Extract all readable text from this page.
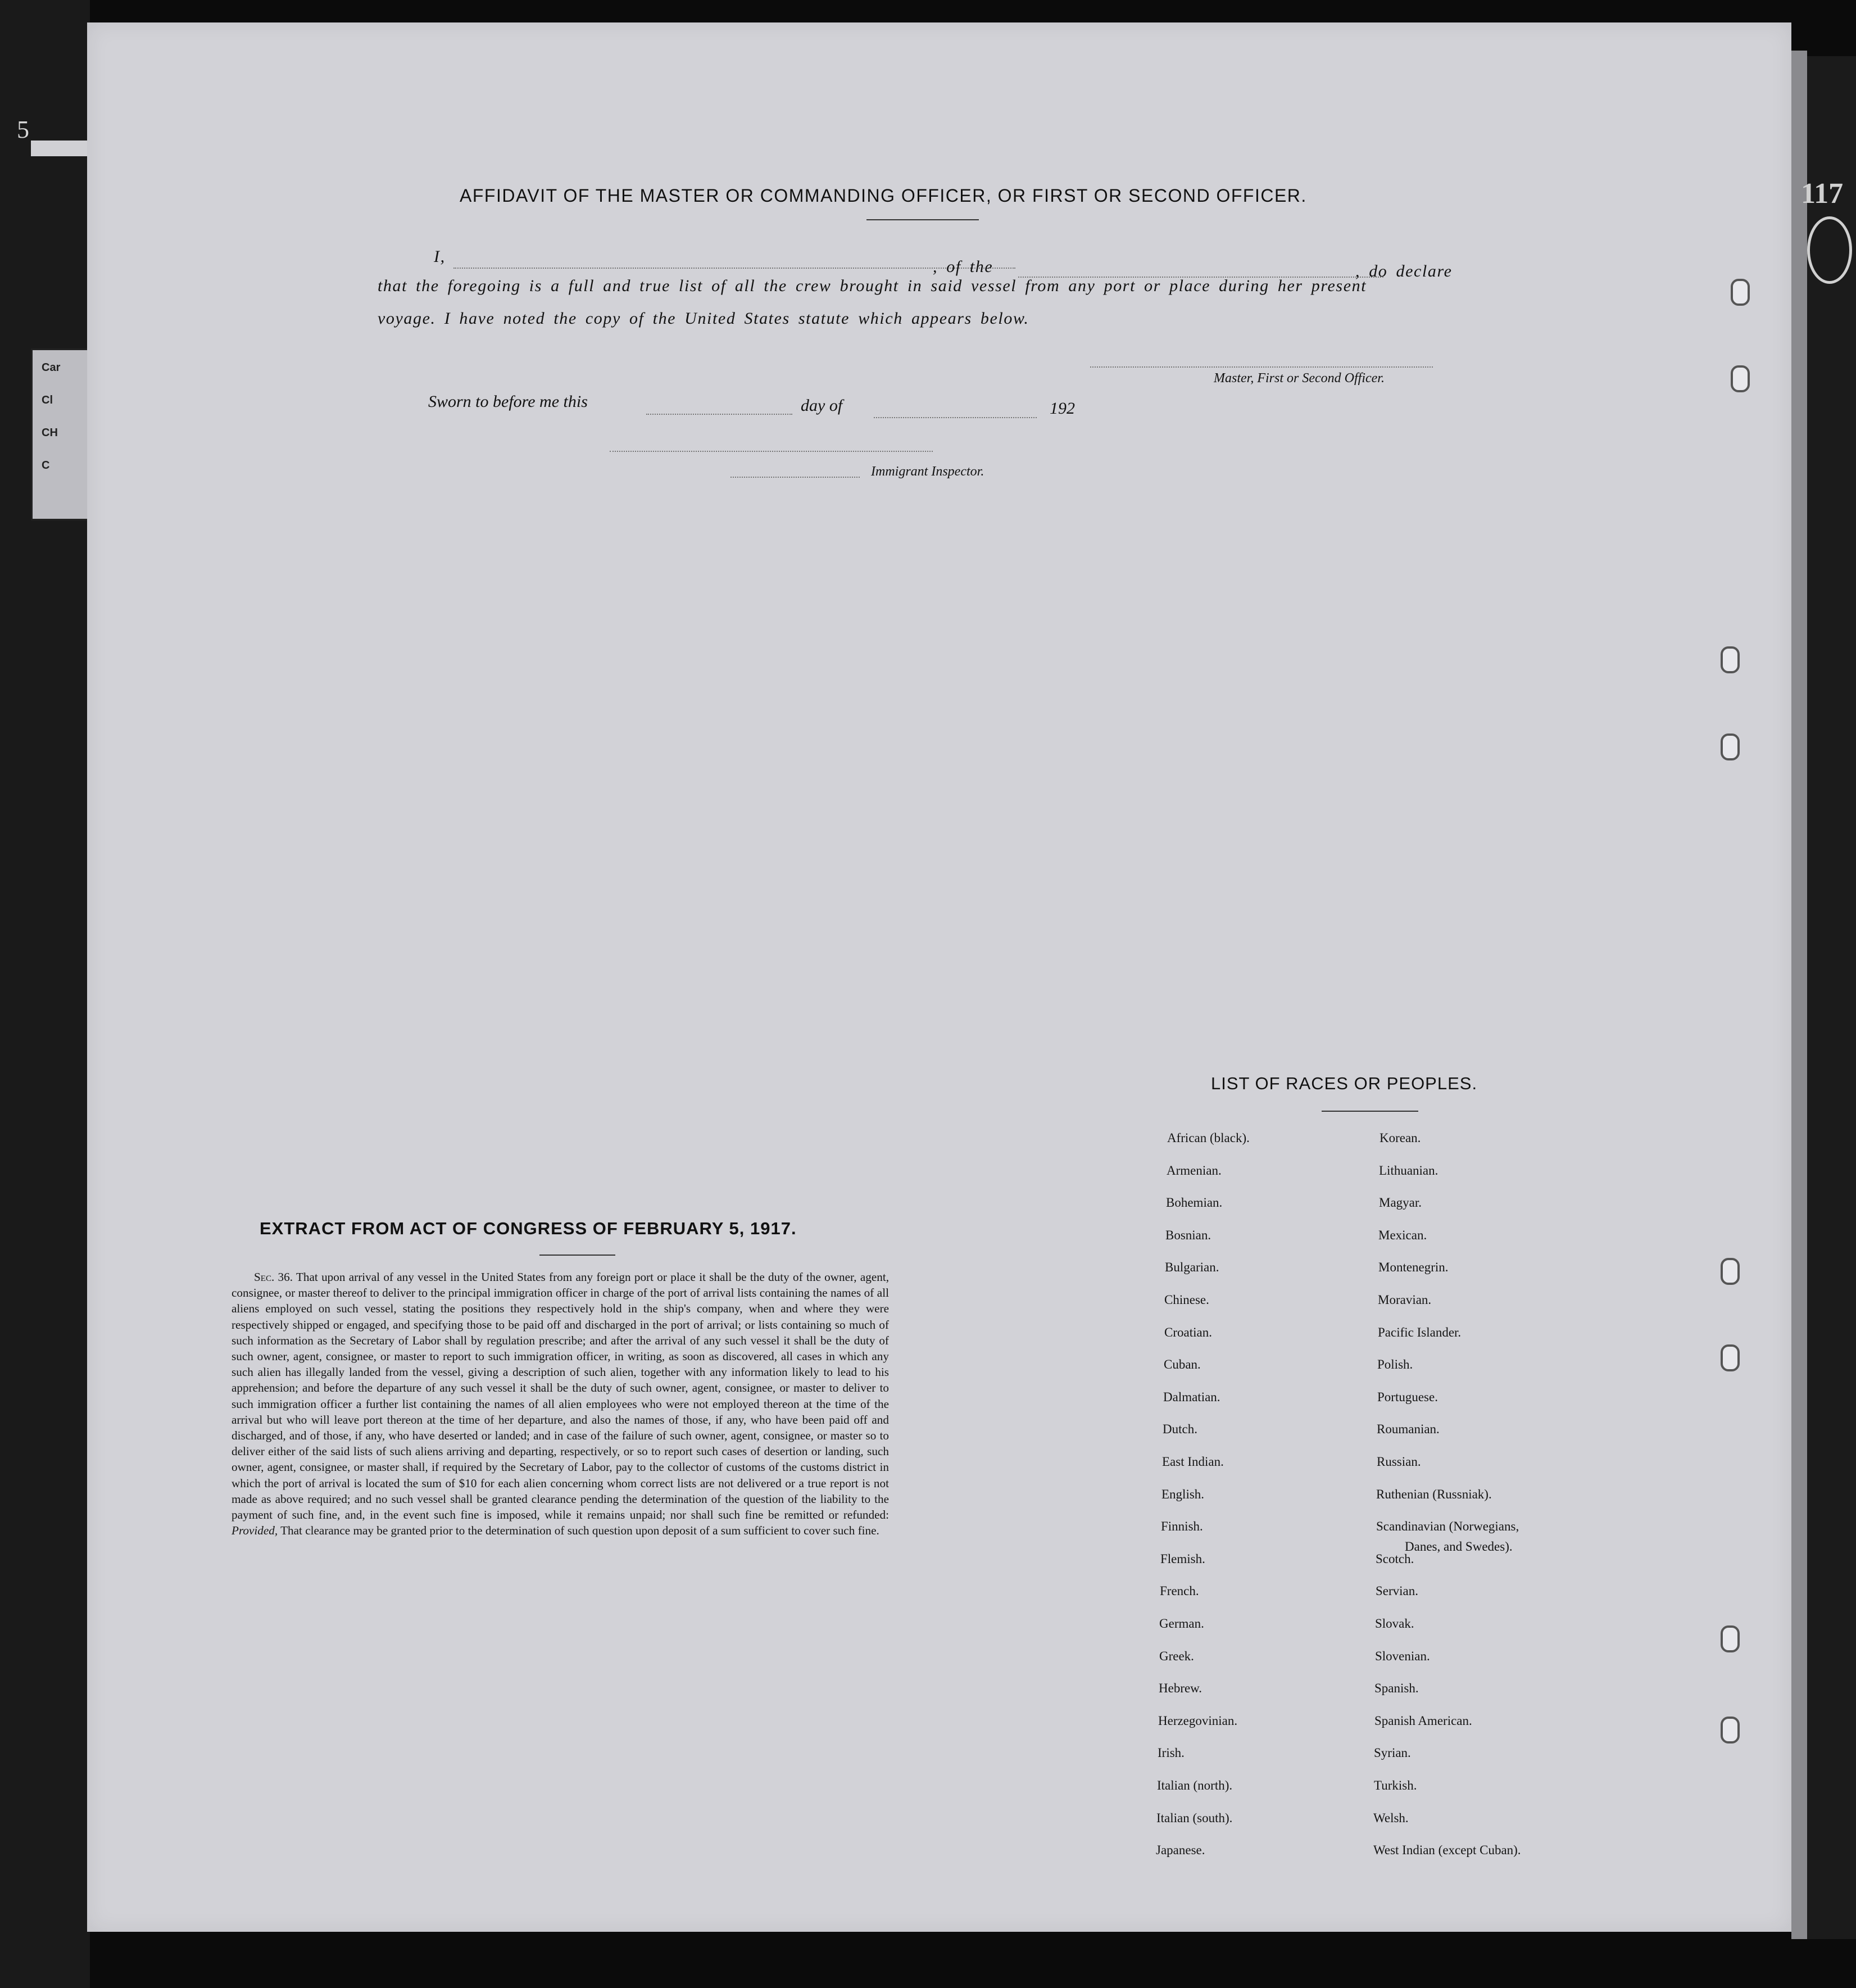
5
Car
Cl
CH
C
117
AFFIDAVIT OF THE MASTER OR COMMANDING OFFICER, OR FIRST OR SECOND OFFICER.
I,
, of the	, do declare
that the foregoing is a full and true list of all the crew brought in said vessel from any port or place during her present
voyage. I have noted the copy of the United States statute which appears below.
Master, First or Second Officer.
Sworn to before me this	day of	192
Immigrant Inspector.
EXTRACT FROM ACT OF CONGRESS OF FEBRUARY 5, 1917.
Sec. 36. That upon arrival of any vessel in the United States from any foreign port or place it shall be the duty of the owner, agent, consignee, or master thereof to deliver to the principal immigration officer in charge of the port of arrival lists containing the names of all aliens employed on such vessel, stating the positions they respectively hold in the ship's company, when and where they were respectively shipped or engaged, and specifying those to be paid off and discharged in the port of arrival; or lists containing so much of such information as the Secretary of Labor shall by regulation prescribe; and after the arrival of any such vessel it shall be the duty of such owner, agent, consignee, or master to report to such immigration officer, in writing, as soon as discovered, all cases in which any such alien has illegally landed from the vessel, giving a description of such alien, together with any information likely to lead to his apprehension; and before the departure of any such vessel it shall be the duty of such owner, agent, consignee, or master to deliver to such immigration officer a further list containing the names of all alien employees who were not employed thereon at the time of the arrival but who will leave port thereon at the time of her departure, and also the names of those, if any, who have been paid off and discharged, and of those, if any, who have deserted or landed; and in case of the failure of such owner, agent, consignee, or master so to deliver either of the said lists of such aliens arriving and departing, respectively, or so to report such cases of desertion or landing, such owner, agent, consignee, or master shall, if required by the Secretary of Labor, pay to the collector of customs of the customs district in which the port of arrival is located the sum of $10 for each alien concerning whom correct lists are not delivered or a true report is not made as above required; and no such vessel shall be granted clearance pending the determination of the question of the liability to the payment of such fine, and, in the event such fine is imposed, while it remains unpaid; nor shall such fine be remitted or refunded: Provided, That clearance may be granted prior to the determination of such question upon deposit of a sum sufficient to cover such fine.
LIST OF RACES OR PEOPLES.
African (black).
Armenian.
Bohemian.
Bosnian.
Bulgarian.
Chinese.
Croatian.
Cuban.
Dalmatian.
Dutch.
East Indian.
English.
Finnish.
Flemish.
French.
German.
Greek.
Hebrew.
Herzegovinian.
Irish.
Italian (north).
Italian (south).
Japanese.
Korean.
Lithuanian.
Magyar.
Mexican.
Montenegrin.
Moravian.
Pacific Islander.
Polish.
Portuguese.
Roumanian.
Russian.
Ruthenian (Russniak).
Scandinavian (Norwegians,
Scotch.
Servian.
Slovak.
Slovenian.
Spanish.
Spanish American.
Syrian.
Turkish.
Welsh.
West Indian (except Cuban).
Danes, and Swedes).
